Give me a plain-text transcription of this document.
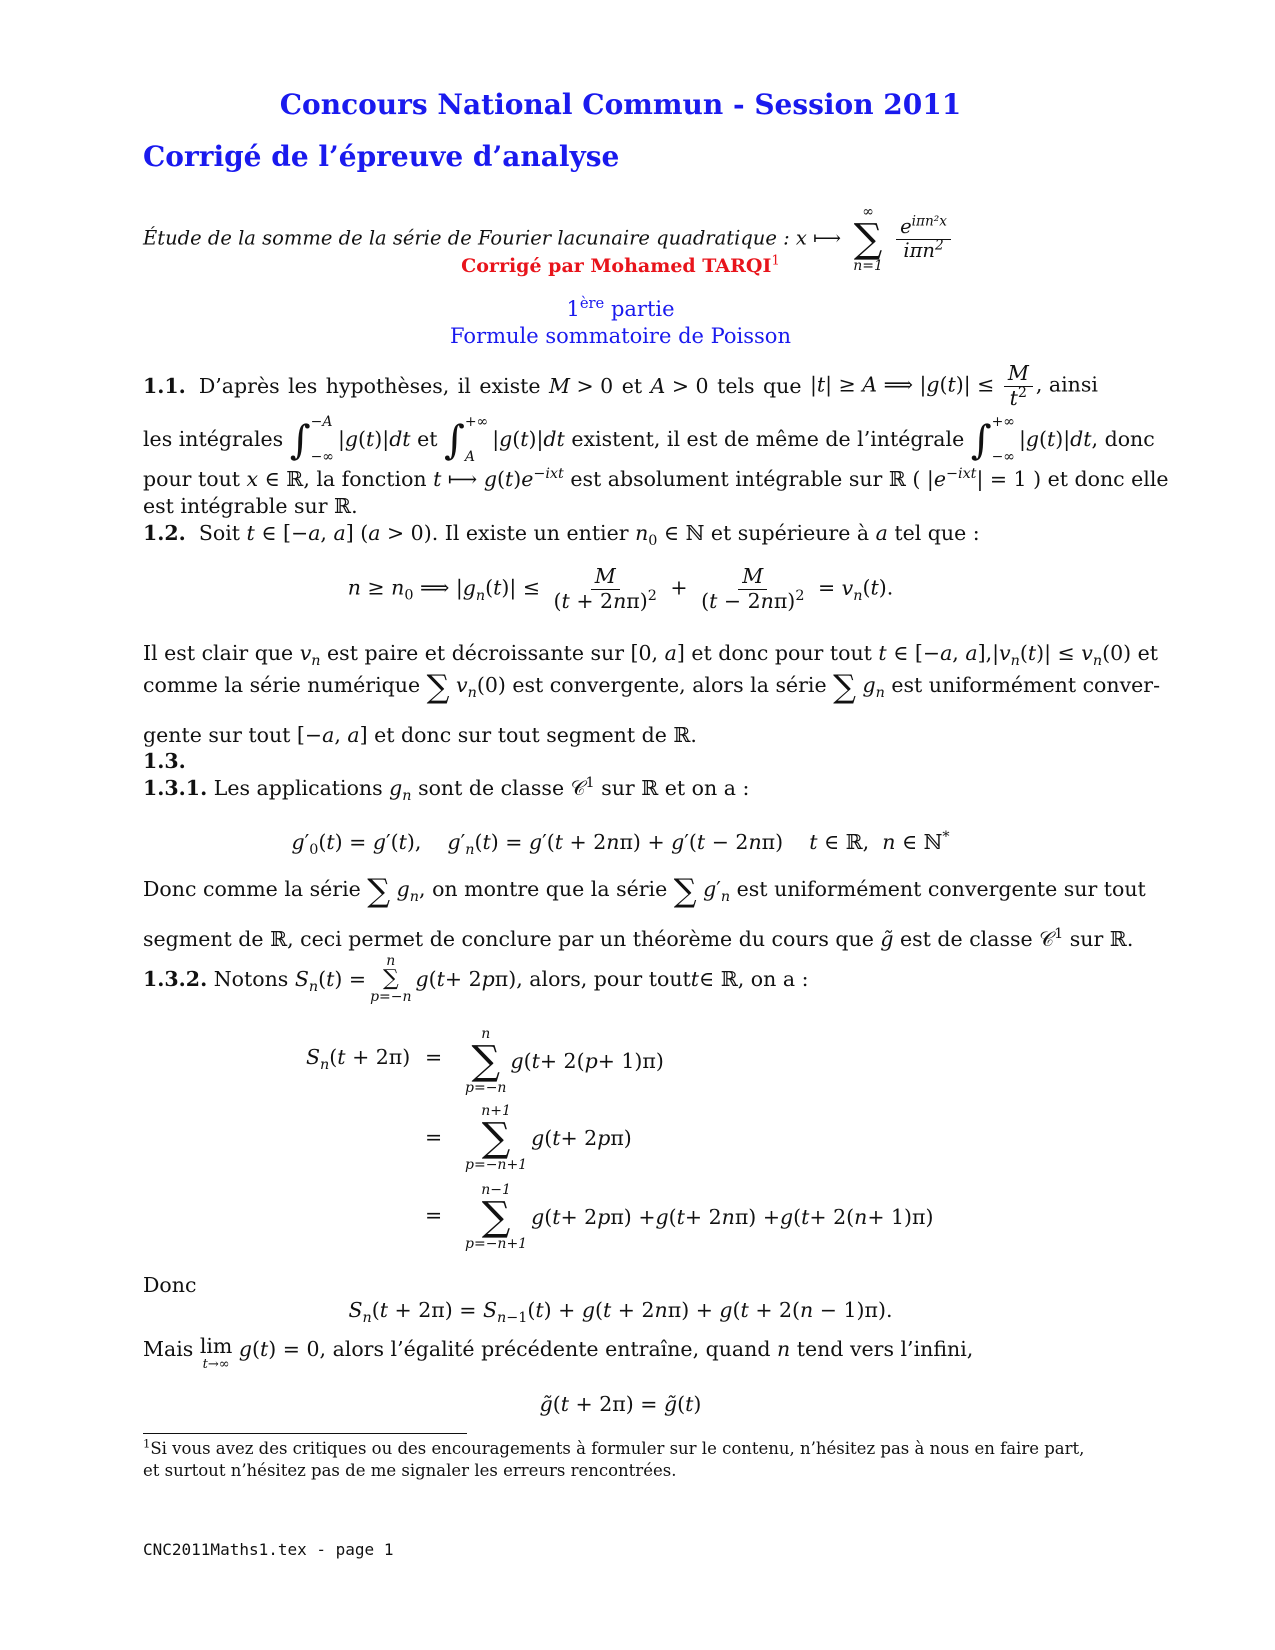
Concours National Commun - Session 2011
Corrigé de l’épreuve d’analyse
Étude de la somme de la série de Fourier lacunaire quadratique : x ⟼
∞
∑
n=1

$\frac{e^{i\pi n^2x}}{i\pi n^2}$
Corrigé par Mohamed TARQI$^1$
1ère partie
Formule sommatoire de Poisson
1.1.  D’après les hypothèses, il existe M > 0 et A > 0 tels que |t| ≥ A ⟹ $|g(t)| \le \frac{M}{t^2}$ , ainsi
les intégrales ∫ −A
−∞
|g(t)|dt et ∫ +∞
A
|g(t)|dt existent, il est de même de l’intégrale ∫ +∞
−∞
|g(t)|dt, donc
pour tout x ∈ ℝ, la fonction t ⟼ $g(t)e^{-ixt}$ est absolument intégrable sur ℝ ( $|e^{-ixt}| = 1$ ) et donc elle
est intégrable sur ℝ.
1.2.  Soit t ∈ [−a, a] (a > 0). Il existe un entier $n_0$ ∈ ℕ et supérieure à a tel que :
$n \ge n_0$ ⟹ $|g_n(t)| \le \frac{M}{(t + 2n\pi)^2} + \frac{M}{(t - 2n\pi)^2} = v_n(t)$.
Il est clair que $v_n$ est paire et décroissante sur [0, a] et donc pour tout t ∈ [−a, a], $|v_n(t)| \le v_n(0)$ et
comme la série numérique ∑ $v_n(0)$ est convergente, alors la série ∑ $g_n$ est uniformément conver-
gente sur tout [−a, a] et donc sur tout segment de ℝ.
1.3.
1.3.1. Les applications $g_n$ sont de classe 𝒞$^1$ sur ℝ et on a :
$g'_0(t) = g'(t)$,    $g'_n(t) = g'(t + 2n\pi) + g'(t - 2n\pi)$    t ∈ ℝ,  n ∈ ℕ*
Donc comme la série ∑ $g_n$, on montre que la série ∑ $g'_n$ est uniformément convergente sur tout
segment de ℝ, ceci permet de conclure par un théorème du cours que g̃ est de classe 𝒞$^1$ sur ℝ.
1.3.2. Notons $S_n$ ( t ) =
n
∑
p=−n
g ( t + 2 p π), alors, pour tout t ∈ ℝ, on a :
$S_n(t + 2\pi)$ =
n
∑
p=−n
g ( t + 2( p + 1)π)
=
n+1
∑
p=−n+1
g ( t + 2 p π)
=
n−1
∑
p=−n+1
g ( t + 2 p π) + g ( t + 2 n π) + g ( t + 2( n + 1)π)
Donc
$S_n(t + 2\pi) = S_{n-1}(t) + g(t + 2n\pi) + g(t + 2(n - 1)\pi)$.
Mais lim
t→∞

g ( t ) = 0, alors l’égalité précédente entraîne, quand n tend vers l’infini,
g̃(t + 2π) = g̃(t)
$^1$Si vous avez des critiques ou des encouragements à formuler sur le contenu, n’hésitez pas à nous en faire part, et surtout n’hésitez pas de me signaler les erreurs rencontrées.
CNC2011Maths1.tex - page 1
